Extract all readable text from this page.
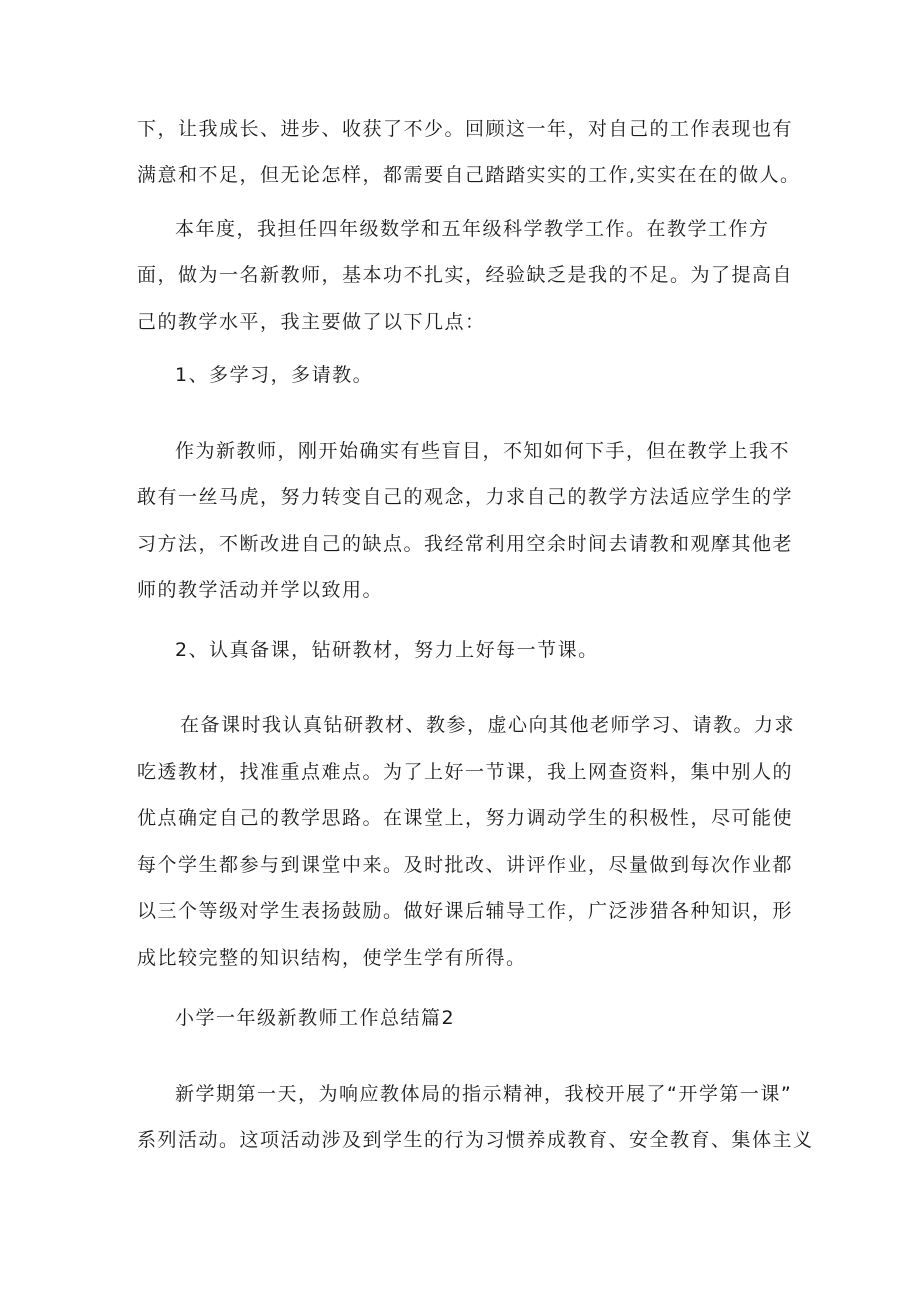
下，让我成长、进步、收获了不少。回顾这一年，对自己的工作表现也有
满意和不足，但无论怎样，都需要自己踏踏实实的工作,实实在在的做人。
本年度，我担任四年级数学和五年级科学教学工作。在教学工作方
面，做为一名新教师，基本功不扎实，经验缺乏是我的不足。为了提高自
己的教学水平，我主要做了以下几点：
1、多学习，多请教。
作为新教师，刚开始确实有些盲目，不知如何下手，但在教学上我不
敢有一丝马虎，努力转变自己的观念，力求自己的教学方法适应学生的学
习方法，不断改进自己的缺点。我经常利用空余时间去请教和观摩其他老
师的教学活动并学以致用。
2、认真备课，钻研教材，努力上好每一节课。
在备课时我认真钻研教材、教参，虚心向其他老师学习、请教。力求
吃透教材，找准重点难点。为了上好一节课，我上网查资料，集中别人的
优点确定自己的教学思路。在课堂上，努力调动学生的积极性，尽可能使
每个学生都参与到课堂中来。及时批改、讲评作业，尽量做到每次作业都
以三个等级对学生表扬鼓励。做好课后辅导工作，广泛涉猎各种知识，形
成比较完整的知识结构，使学生学有所得。
小学一年级新教师工作总结篇2
新学期第一天，为响应教体局的指示精神，我校开展了“开学第一课”
系列活动。这项活动涉及到学生的行为习惯养成教育、安全教育、集体主义
